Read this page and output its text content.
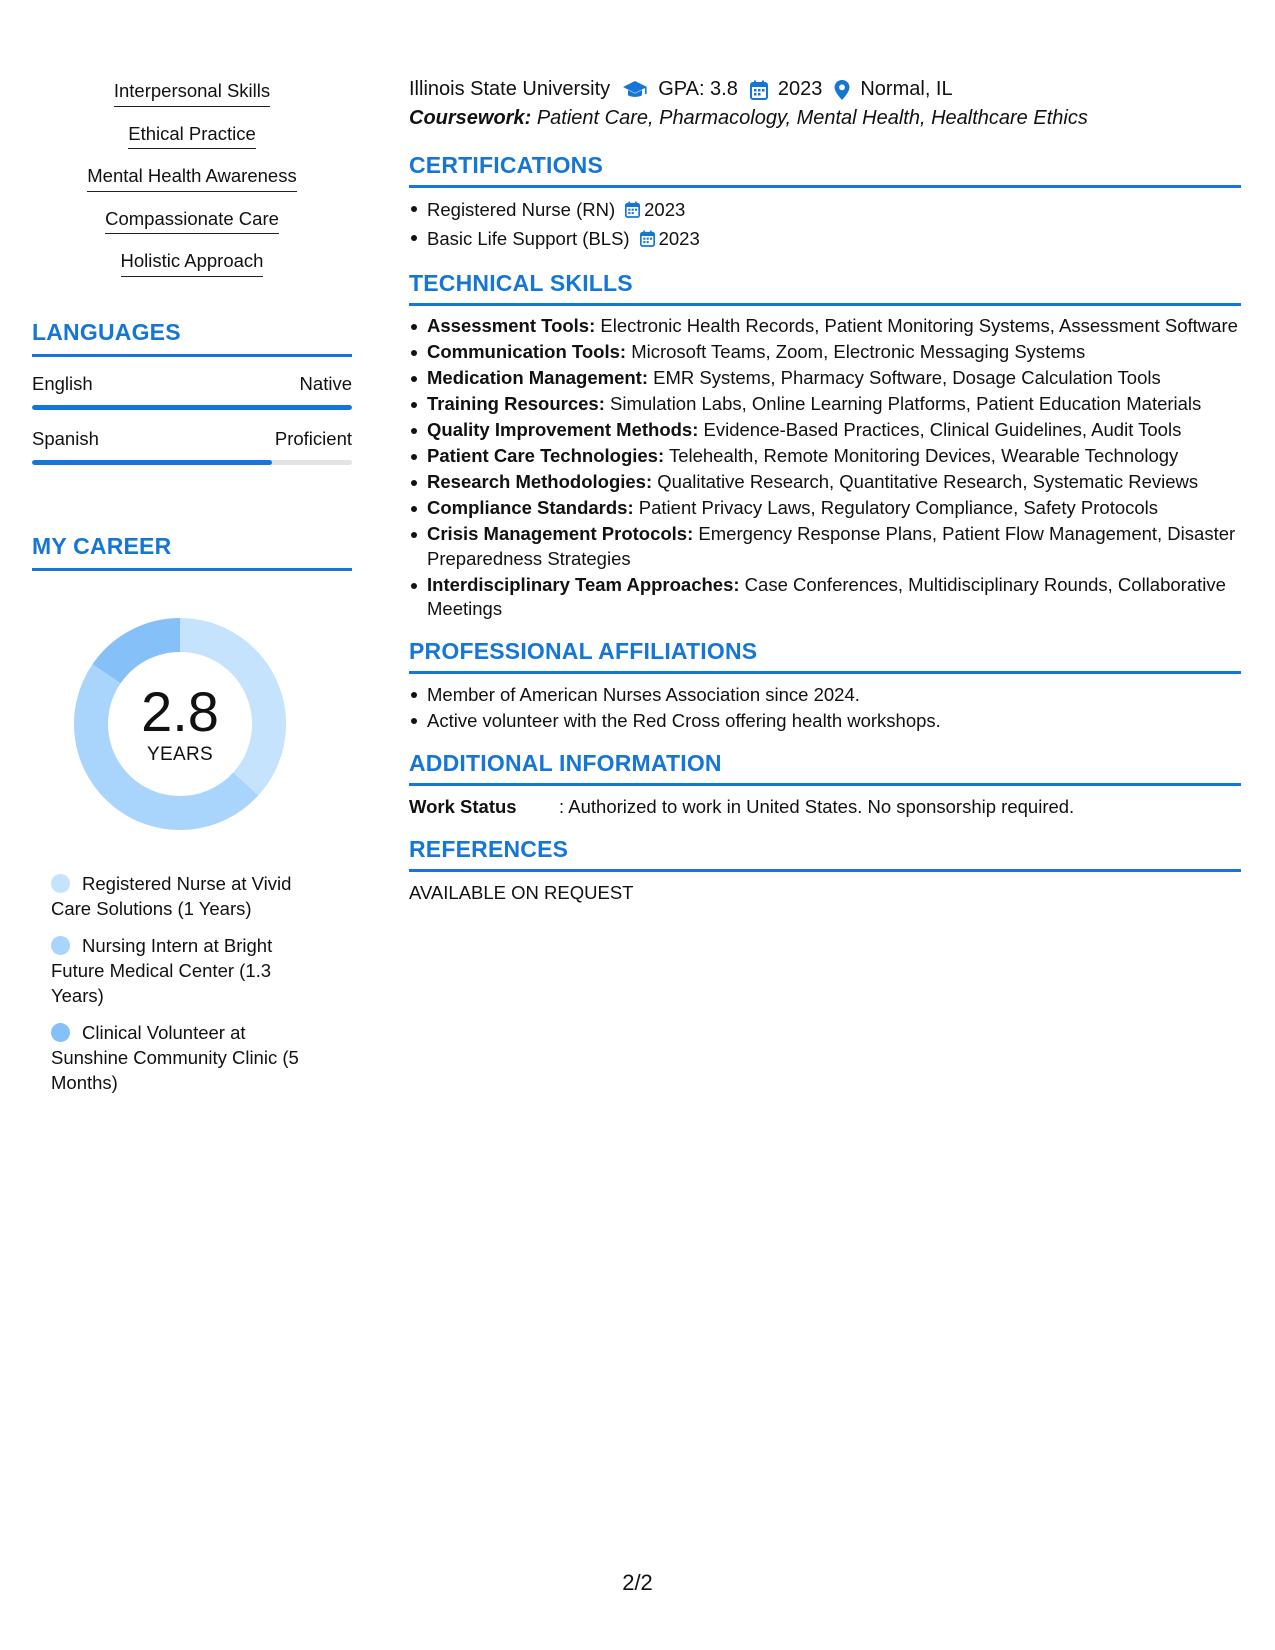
Interpersonal Skills
Ethical Practice
Mental Health Awareness
Compassionate Care
Holistic Approach
LANGUAGES
English	Native
Spanish	Proficient
MY CAREER
2.8
YEARS
Registered Nurse at Vivid Care Solutions (1 Years)
Nursing Intern at Bright Future Medical Center (1.3 Years)
Clinical Volunteer at Sunshine Community Clinic (5 Months)
Illinois State University GPA: 3.8 2023 Normal, IL
Coursework: Patient Care, Pharmacology, Mental Health, Healthcare Ethics
CERTIFICATIONS
Registered Nurse (RN) 2023
Basic Life Support (BLS) 2023
TECHNICAL SKILLS
Assessment Tools: Electronic Health Records, Patient Monitoring Systems, Assessment Software
Communication Tools: Microsoft Teams, Zoom, Electronic Messaging Systems
Medication Management: EMR Systems, Pharmacy Software, Dosage Calculation Tools
Training Resources: Simulation Labs, Online Learning Platforms, Patient Education Materials
Quality Improvement Methods: Evidence-Based Practices, Clinical Guidelines, Audit Tools
Patient Care Technologies: Telehealth, Remote Monitoring Devices, Wearable Technology
Research Methodologies: Qualitative Research, Quantitative Research, Systematic Reviews
Compliance Standards: Patient Privacy Laws, Regulatory Compliance, Safety Protocols
Crisis Management Protocols: Emergency Response Plans, Patient Flow Management, Disaster Preparedness Strategies
Interdisciplinary Team Approaches: Case Conferences, Multidisciplinary Rounds, Collaborative Meetings
PROFESSIONAL AFFILIATIONS
Member of American Nurses Association since 2024.
Active volunteer with the Red Cross offering health workshops.
ADDITIONAL INFORMATION
Work Status	: Authorized to work in United States. No sponsorship required.
REFERENCES
AVAILABLE ON REQUEST
2/2
